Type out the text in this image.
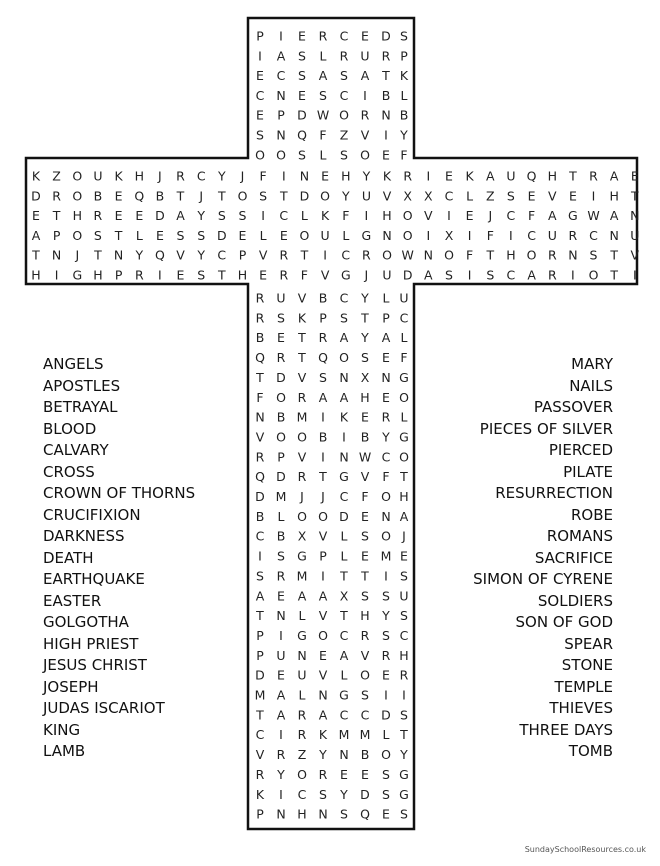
P I E R C E D S
I A S L R U R P
E C S A S A T K
C N E S C I B L
E P D W O R N B
S N Q F Z V I Y
O O S L S O E F
K Z O U K H J R C Y J F I N E H Y K R I E K A U Q H T R A E
D R O B E Q B T J T O S T D O Y U V X X C L Z S E V E I H T
E T H R E E D A Y S S I C L K F I H O V I E J C F A G W A N
A P O S T L E S S D E L E O U L G N O I X I F I C U R C N U
T N J T N Y Q V Y C P V R T I C R O W N O F T H O R N S T V
H I G H P R I E S T H E R F V G J U D A S I S C A R I O T I
R U V B C Y L U
R S K P S T P C
B E T R A Y A L
Q R T Q O S E F
T D V S N X N G
F O R A A H E O
N B M I K E R L
V O O B I B Y G
R P V I N W C O
Q D R T G V F T
D M J J C F O H
B L O O D E N A
C B X V L S O J
I S G P L E M E
S R M I T T I S
A E A A X S S U
T N L V T H Y S
P I G O C R S C
P U N E A V R H
D E U V L O E R
M A L N G S I I
T A R A C C D S
C I R K M M L T
V R Z Y N B O Y
R Y O R E E S G
K I C S Y D S G
P N H N S Q E S
ANGELS
APOSTLES
BETRAYAL
BLOOD
CALVARY
CROSS
CROWN OF THORNS
CRUCIFIXION
DARKNESS
DEATH
EARTHQUAKE
EASTER
GOLGOTHA
HIGH PRIEST
JESUS CHRIST
JOSEPH
JUDAS ISCARIOT
KING
LAMB
MARY
NAILS
PASSOVER
PIECES OF SILVER
PIERCED
PILATE
RESURRECTION
ROBE
ROMANS
SACRIFICE
SIMON OF CYRENE
SOLDIERS
SON OF GOD
SPEAR
STONE
TEMPLE
THIEVES
THREE DAYS
TOMB
SundaySchoolResources.co.uk
